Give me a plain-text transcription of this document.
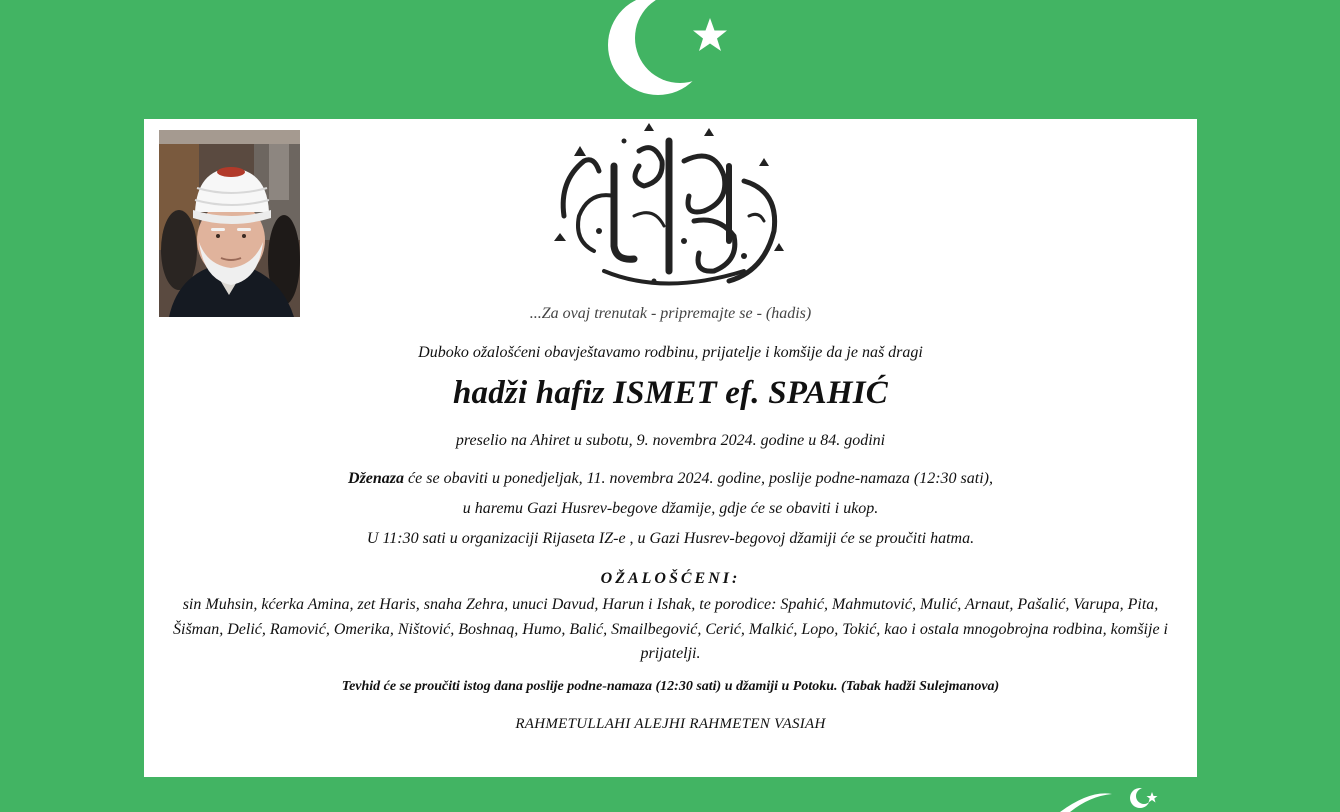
...Za ovaj trenutak - pripremajte se - (hadis)
Duboko ožalošćeni obavještavamo rodbinu, prijatelje i komšije da je naš dragi
hadži hafiz ISMET ef. SPAHIĆ
preselio na Ahiret u subotu, 9. novembra 2024. godine u 84. godini
Dženaza će se obaviti u ponedjeljak, 11. novembra 2024. godine, poslije podne-namaza (12:30 sati),
u haremu Gazi Husrev-begove džamije, gdje će se obaviti i ukop.
U 11:30 sati u organizaciji Rijaseta IZ-e , u Gazi Husrev-begovoj džamiji će se proučiti hatma.
OŽALOŠĆENI:
sin Muhsin, kćerka Amina, zet Haris, snaha Zehra, unuci Davud, Harun i Ishak, te porodice: Spahić, Mahmutović, Mulić, Arnaut, Pašalić, Varupa, Pita, Šišman, Delić, Ramović, Omerika, Ništović, Boshnaq, Humo, Balić, Smailbegović, Cerić, Malkić, Lopo, Tokić, kao i ostala mnogobrojna rodbina, komšije i prijatelji.
Tevhid će se proučiti istog dana poslije podne-namaza (12:30 sati) u džamiji u Potoku. (Tabak hadži Sulejmanova)
RAHMETULLAHI ALEJHI RAHMETEN VASIAH
